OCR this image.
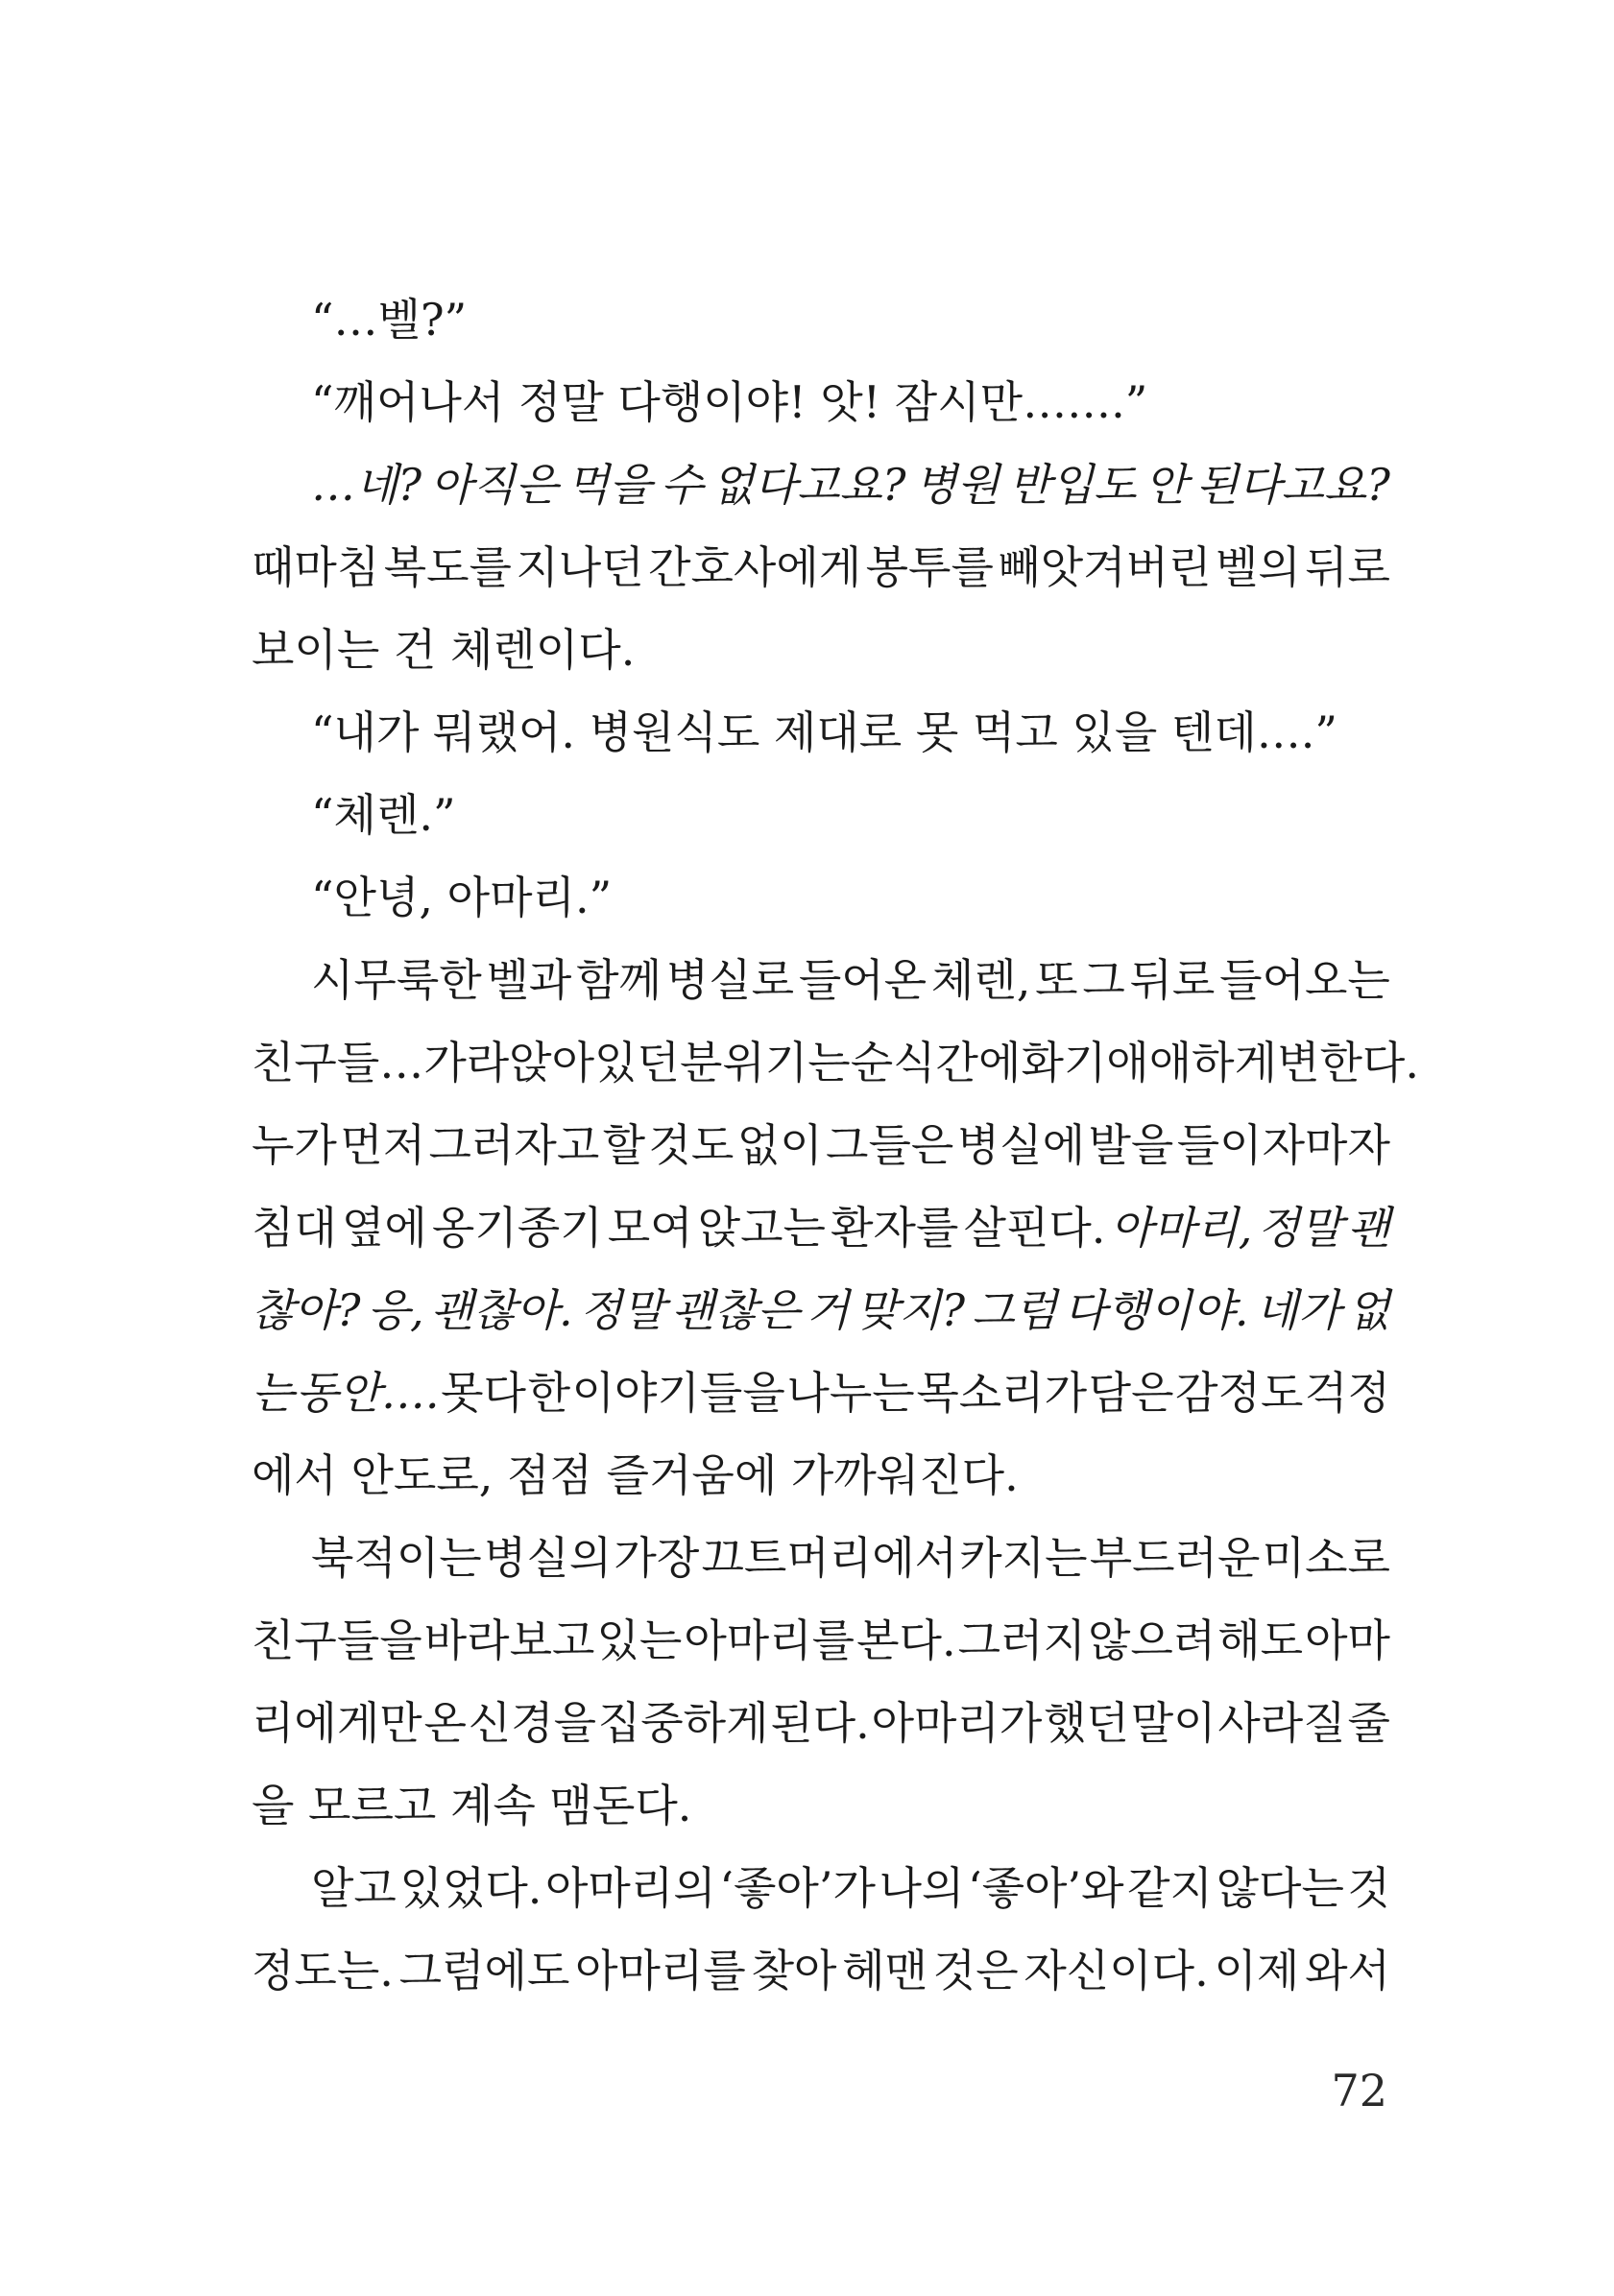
“…벨?”
“깨어나서 정말 다행이야! 앗! 잠시만…….”
…네? 아직은 먹을 수 없다고요? 병원 반입도 안 된다고요?
때마침 복도를 지나던 간호사에게 봉투를 빼앗겨버린 벨의 뒤로
보이는 건 체렌이다.
“내가 뭐랬어. 병원식도 제대로 못 먹고 있을 텐데….”
“체렌.”
“안녕, 아마리.”
시무룩한 벨과 함께 병실로 들어온 체렌, 또 그 뒤로 들어오는
친구들… 가라앉아있던 분위기는 순식간에 화기애애하게 변한다.
누가 먼저 그러자고 할 것도 없이 그들은 병실에 발을 들이자마자
침대 옆에 옹기종기 모여 앉고는 환자를 살핀다. 아마리, 정말 괜
찮아? 응, 괜찮아. 정말 괜찮은 거 맞지? 그럼 다행이야. 네가 없
는 동안…. 못다 한 이야기들을 나누는 목소리가 담은 감정도 걱정
에서 안도로, 점점 즐거움에 가까워진다.
북적이는 병실의 가장 끄트머리에서 카지는 부드러운 미소로
친구들을 바라보고 있는 아마리를 본다. 그러지 않으려 해도 아마
리에게만 온 신경을 집중하게 된다. 아마리가 했던 말이 사라질 줄
을 모르고 계속 맴돈다.
알고 있었다. 아마리의 ‘좋아’가 나의 ‘좋아’와 같지 않다는 것
정도는. 그럼에도 아마리를 찾아 헤맨 것은 자신이다. 이제 와서
72
